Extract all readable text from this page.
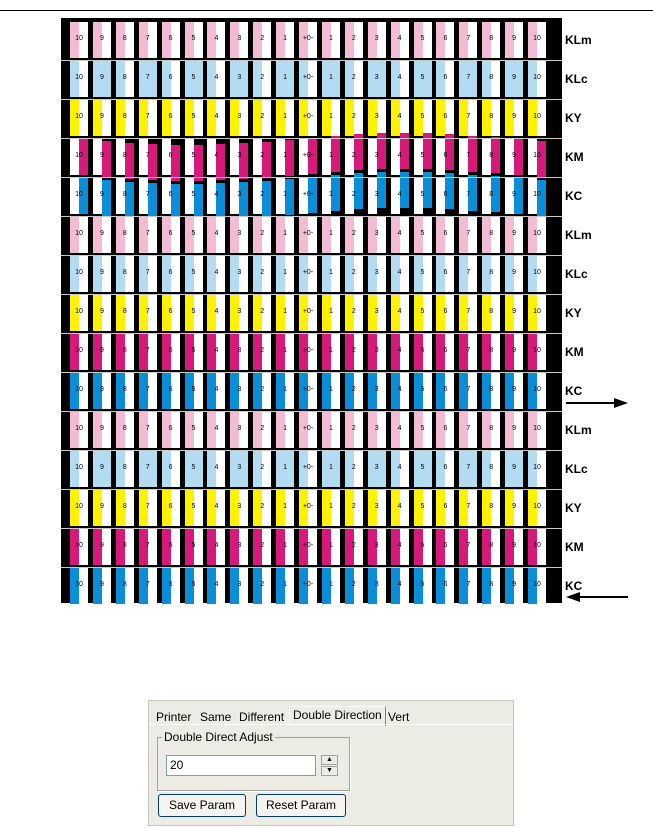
10	9	8	7	6	5	4	3	2	1	+0-	1	2	3	4	5	6	7	8	9	10	KLm
10	9	8	7	6	5	4	3	2	1	+0-	1	2	3	4	5	6	7	8	9	10	KLc
10	9	8	7	6	5	4	3	2	1	+0-	1	2	3	4	5	6	7	8	9	10	KY
10	9	8	7	6	5	4	3	2	1	+0-	1	2	3	4	5	6	7	8	9	10	KM
10	9	8	7	6	5	4	3	2	1	+0-	1	2	3	4	5	6	7	8	9	10	KC
10	9	8	7	6	5	4	3	2	1	+0-	1	2	3	4	5	6	7	8	9	10	KLm
10	9	8	7	6	5	4	3	2	1	+0-	1	2	3	4	5	6	7	8	9	10	KLc
10	9	8	7	6	5	4	3	2	1	+0-	1	2	3	4	5	6	7	8	9	10	KY
10	9	8	7	6	5	4	3	2	1	+0-	1	2	3	4	5	6	7	8	9	10	KM
10	9	8	7	6	5	4	3	2	1	+0-	1	2	3	4	5	6	7	8	9	10	KC
10	9	8	7	6	5	4	3	2	1	+0-	1	2	3	4	5	6	7	8	9	10	KLm
10	9	8	7	6	5	4	3	2	1	+0-	1	2	3	4	5	6	7	8	9	10	KLc
10	9	8	7	6	5	4	3	2	1	+0-	1	2	3	4	5	6	7	8	9	10	KY
10	9	8	7	6	5	4	3	2	1	+0-	1	2	3	4	5	6	7	8	9	10	KM
10	9	8	7	6	5	4	3	2	1	+0-	1	2	3	4	5	6	7	8	9	10	KC
Printer Same Different Double Direction Vert
Double Direct Adjust
20	▲
▼
Save Param	Reset Param
